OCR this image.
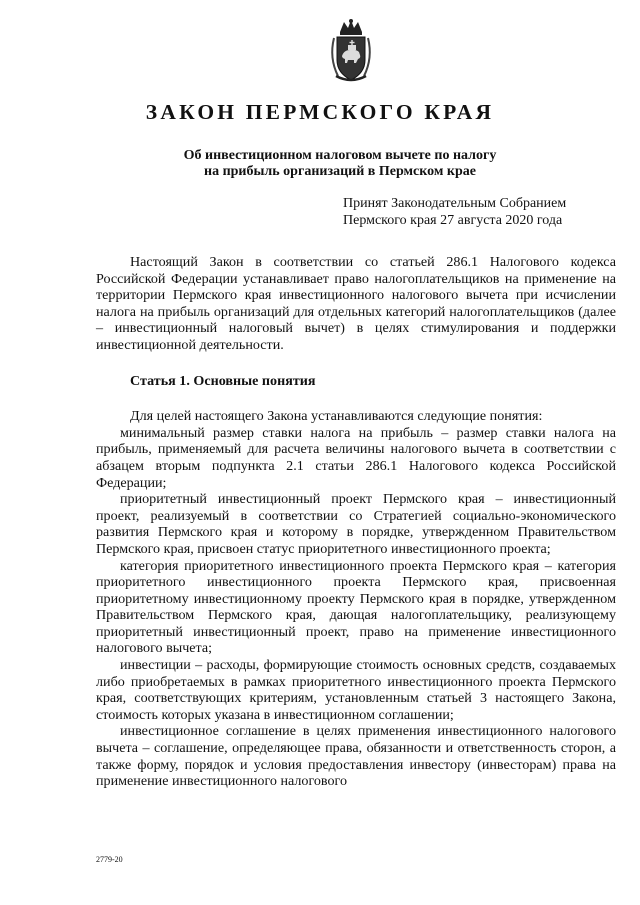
ЗАКОН ПЕРМСКОГО КРАЯ
Об инвестиционном налоговом вычете по налогу
на прибыль организаций в Пермском крае
Принят Законодательным Собранием
Пермского края 27 августа 2020 года

Настоящий Закон в соответствии со статьей 286.1 Налогового кодекса Российской Федерации устанавливает право налогоплательщиков на применение на территории Пермского края инвестиционного налогового вычета при исчислении налога на прибыль организаций для отдельных категорий налогоплательщиков (далее – инвестиционный налоговый вычет) в целях стимулирования и поддержки инвестиционной деятельности.

Статья 1. Основные понятия

Для целей настоящего Закона устанавливаются следующие понятия:

минимальный размер ставки налога на прибыль – размер ставки налога на прибыль, применяемый для расчета величины налогового вычета в соответствии с абзацем вторым подпункта 2.1 статьи 286.1 Налогового кодекса Российской Федерации;

приоритетный инвестиционный проект Пермского края – инвестиционный проект, реализуемый в соответствии со Стратегией социально-экономического развития Пермского края и которому в порядке, утвержденном Правительством Пермского края, присвоен статус приоритетного инвестиционного проекта;

категория приоритетного инвестиционного проекта Пермского края – категория приоритетного инвестиционного проекта Пермского края, присвоенная приоритетному инвестиционному проекту Пермского края в порядке, утвержденном Правительством Пермского края, дающая налогоплательщику, реализующему приоритетный инвестиционный проект, право на применение инвестиционного налогового вычета;

инвестиции – расходы, формирующие стоимость основных средств, создаваемых либо приобретаемых в рамках приоритетного инвестиционного проекта Пермского края, соответствующих критериям, установленным статьей 3 настоящего Закона, стоимость которых указана в инвестиционном соглашении;

инвестиционное соглашение в целях применения инвестиционного налогового вычета – соглашение, определяющее права, обязанности и ответственность сторон, а также форму, порядок и условия предоставления инвестору (инвесторам) права на применение инвестиционного налогового

2779-20
